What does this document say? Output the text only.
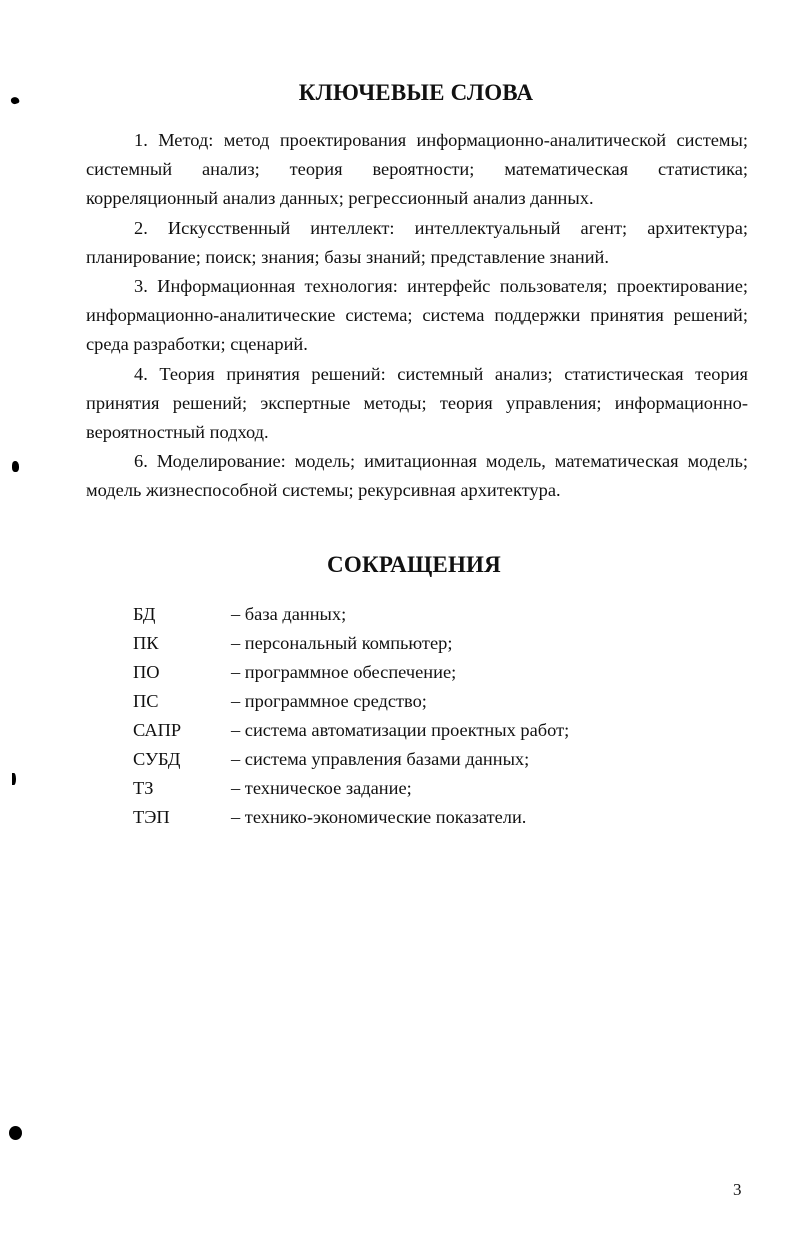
КЛЮЧЕВЫЕ СЛОВА

1. Метод: метод проектирования информационно-аналитической системы; системный анализ; теория вероятности; математическая статистика; корреляционный анализ данных; регрессионный анализ данных.

2. Искусственный интеллект: интеллектуальный агент; архитектура; планирование; поиск; знания; базы знаний; представление знаний.

3. Информационная технология: интерфейс пользователя; проектирование; информационно-аналитические система; система поддержки принятия решений; среда разработки; сценарий.

4. Теория принятия решений: системный анализ; статистическая теория принятия решений; экспертные методы; теория управления; информационно-вероятностный подход.

6. Моделирование: модель; имитационная модель, математическая модель; модель жизнеспособной системы; рекурсивная архитектура.

СОКРАЩЕНИЯ
БД	– база данных;
ПК	– персональный компьютер;
ПО	– программное обеспечение;
ПС	– программное средство;
САПР	– система автоматизации проектных работ;
СУБД	– система управления базами данных;
ТЗ	– техническое задание;
ТЭП	– технико-экономические показатели.
3
